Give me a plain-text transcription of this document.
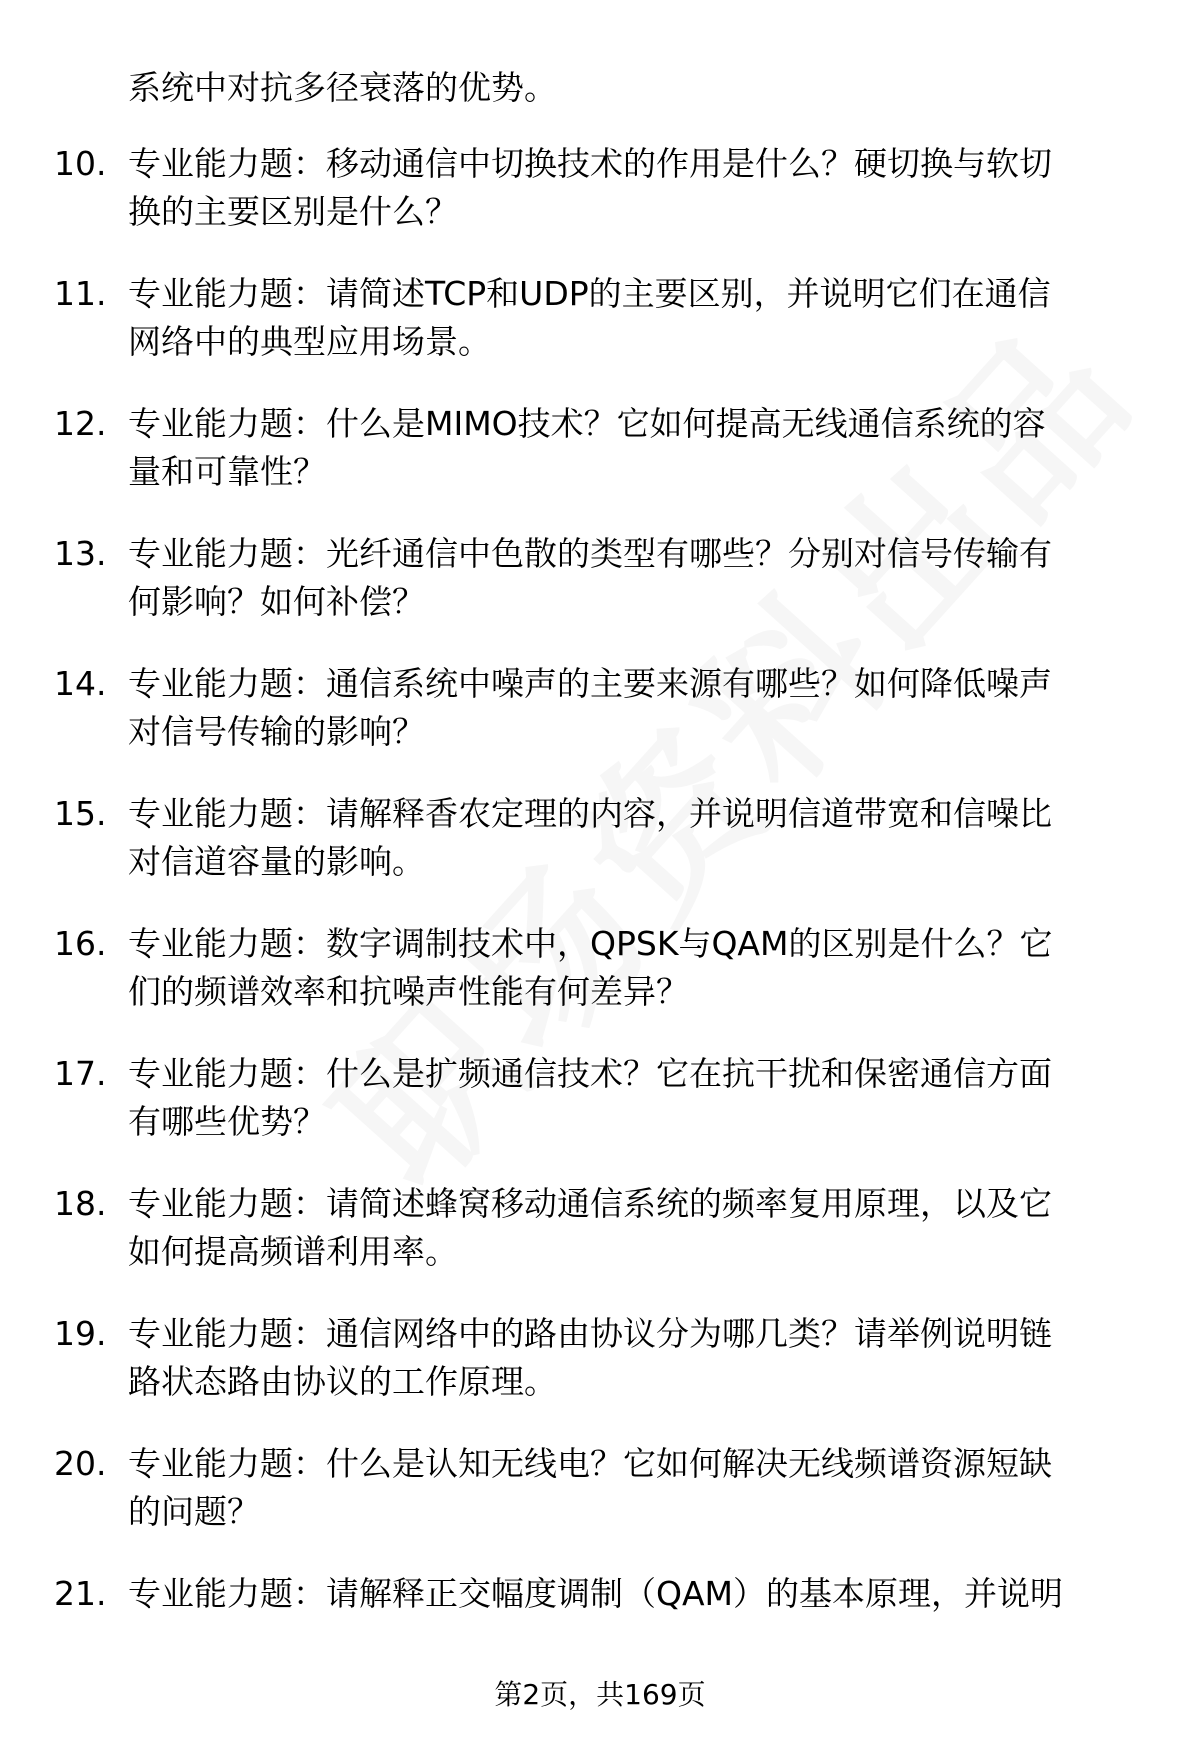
系统中对抗多径衰落的优势。
10. 专业能力题：移动通信中切换技术的作用是什么？硬切换与软切
换的主要区别是什么？
11. 专业能力题：请简述TCP和UDP的主要区别，并说明它们在通信
网络中的典型应用场景。
12. 专业能力题：什么是MIMO技术？它如何提高无线通信系统的容
量和可靠性？
13. 专业能力题：光纤通信中色散的类型有哪些？分别对信号传输有
何影响？如何补偿？
14. 专业能力题：通信系统中噪声的主要来源有哪些？如何降低噪声
对信号传输的影响？
15. 专业能力题：请解释香农定理的内容，并说明信道带宽和信噪比
对信道容量的影响。
16. 专业能力题：数字调制技术中，QPSK与QAM的区别是什么？它
们的频谱效率和抗噪声性能有何差异？
17. 专业能力题：什么是扩频通信技术？它在抗干扰和保密通信方面
有哪些优势？
18. 专业能力题：请简述蜂窝移动通信系统的频率复用原理，以及它
如何提高频谱利用率。
19. 专业能力题：通信网络中的路由协议分为哪几类？请举例说明链
路状态路由协议的工作原理。
20. 专业能力题：什么是认知无线电？它如何解决无线频谱资源短缺
的问题？
21. 专业能力题：请解释正交幅度调制（QAM）的基本原理，并说明
第2页，共169页
